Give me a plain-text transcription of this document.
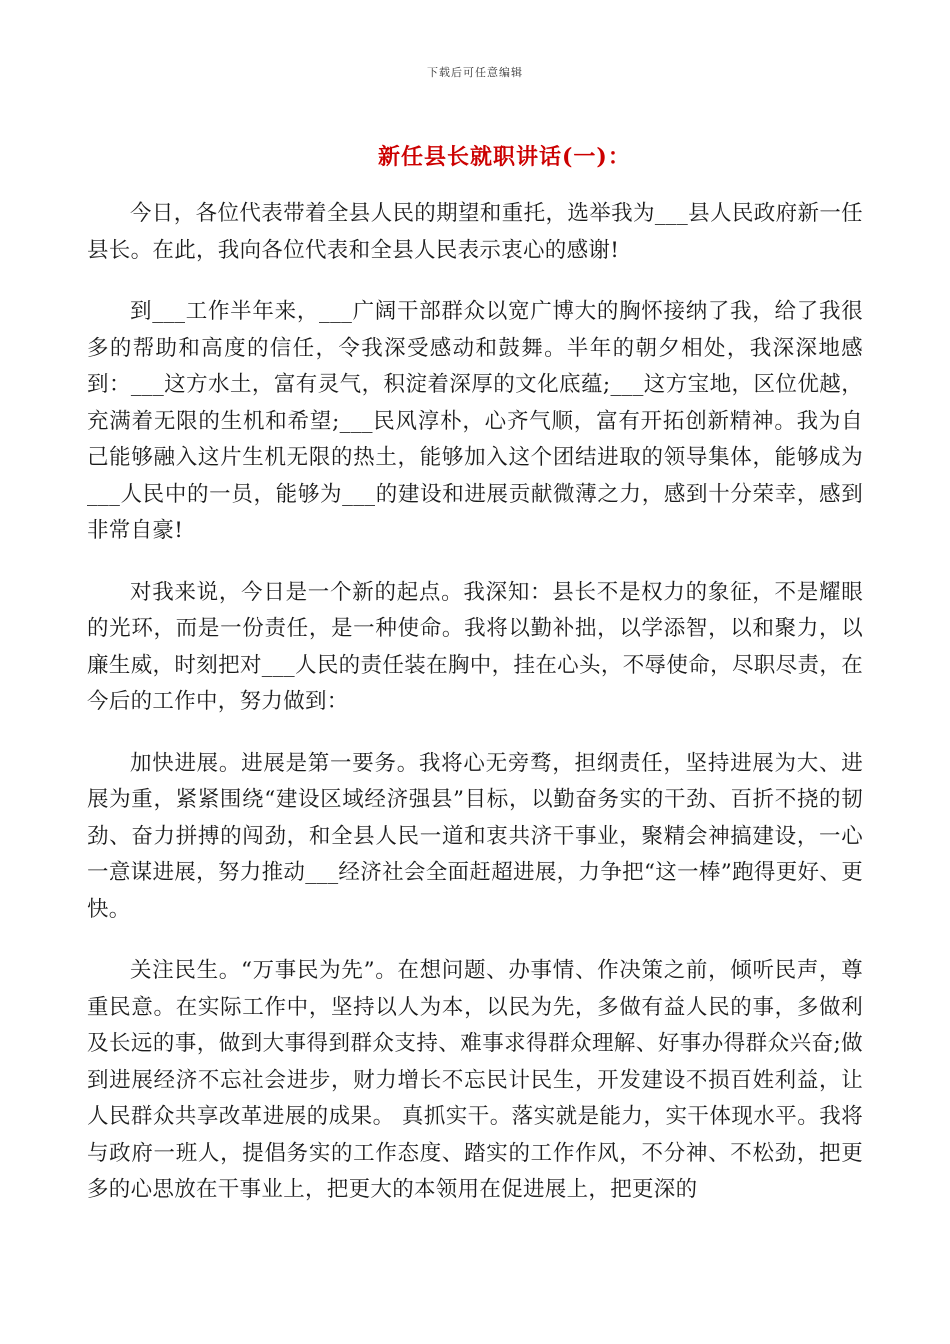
下载后可任意编辑
新任县长就职讲话(一)：

今日，各位代表带着全县人民的期望和重托，选举我为___县人民政府新一任县长。在此，我向各位代表和全县人民表示衷心的感谢!

到___工作半年来，___广阔干部群众以宽广博大的胸怀接纳了我，给了我很多的帮助和高度的信任，令我深受感动和鼓舞。半年的朝夕相处，我深深地感到：___这方水土，富有灵气，积淀着深厚的文化底蕴;___这方宝地，区位优越，充满着无限的生机和希望;___民风淳朴，心齐气顺，富有开拓创新精神。我为自己能够融入这片生机无限的热土，能够加入这个团结进取的领导集体，能够成为___人民中的一员，能够为___的建设和进展贡献微薄之力，感到十分荣幸，感到非常自豪!

对我来说，今日是一个新的起点。我深知：县长不是权力的象征，不是耀眼的光环，而是一份责任，是一种使命。我将以勤补拙，以学添智，以和聚力，以廉生威，时刻把对___人民的责任装在胸中，挂在心头，不辱使命，尽职尽责，在今后的工作中，努力做到：

加快进展。进展是第一要务。我将心无旁骛，担纲责任，坚持进展为大、进展为重，紧紧围绕“建设区域经济强县”目标，以勤奋务实的干劲、百折不挠的韧劲、奋力拼搏的闯劲，和全县人民一道和衷共济干事业，聚精会神搞建设，一心一意谋进展，努力推动___经济社会全面赶超进展，力争把“这一棒”跑得更好、更快。

关注民生。“万事民为先”。在想问题、办事情、作决策之前，倾听民声，尊重民意。在实际工作中，坚持以人为本，以民为先，多做有益人民的事，多做利及长远的事，做到大事得到群众支持、难事求得群众理解、好事办得群众兴奋;做到进展经济不忘社会进步，财力增长不忘民计民生，开发建设不损百姓利益，让人民群众共享改革进展的成果。 真抓实干。落实就是能力，实干体现水平。我将与政府一班人，提倡务实的工作态度、踏实的工作作风，不分神、不松劲，把更多的心思放在干事业上，把更大的本领用在促进展上，把更深的
